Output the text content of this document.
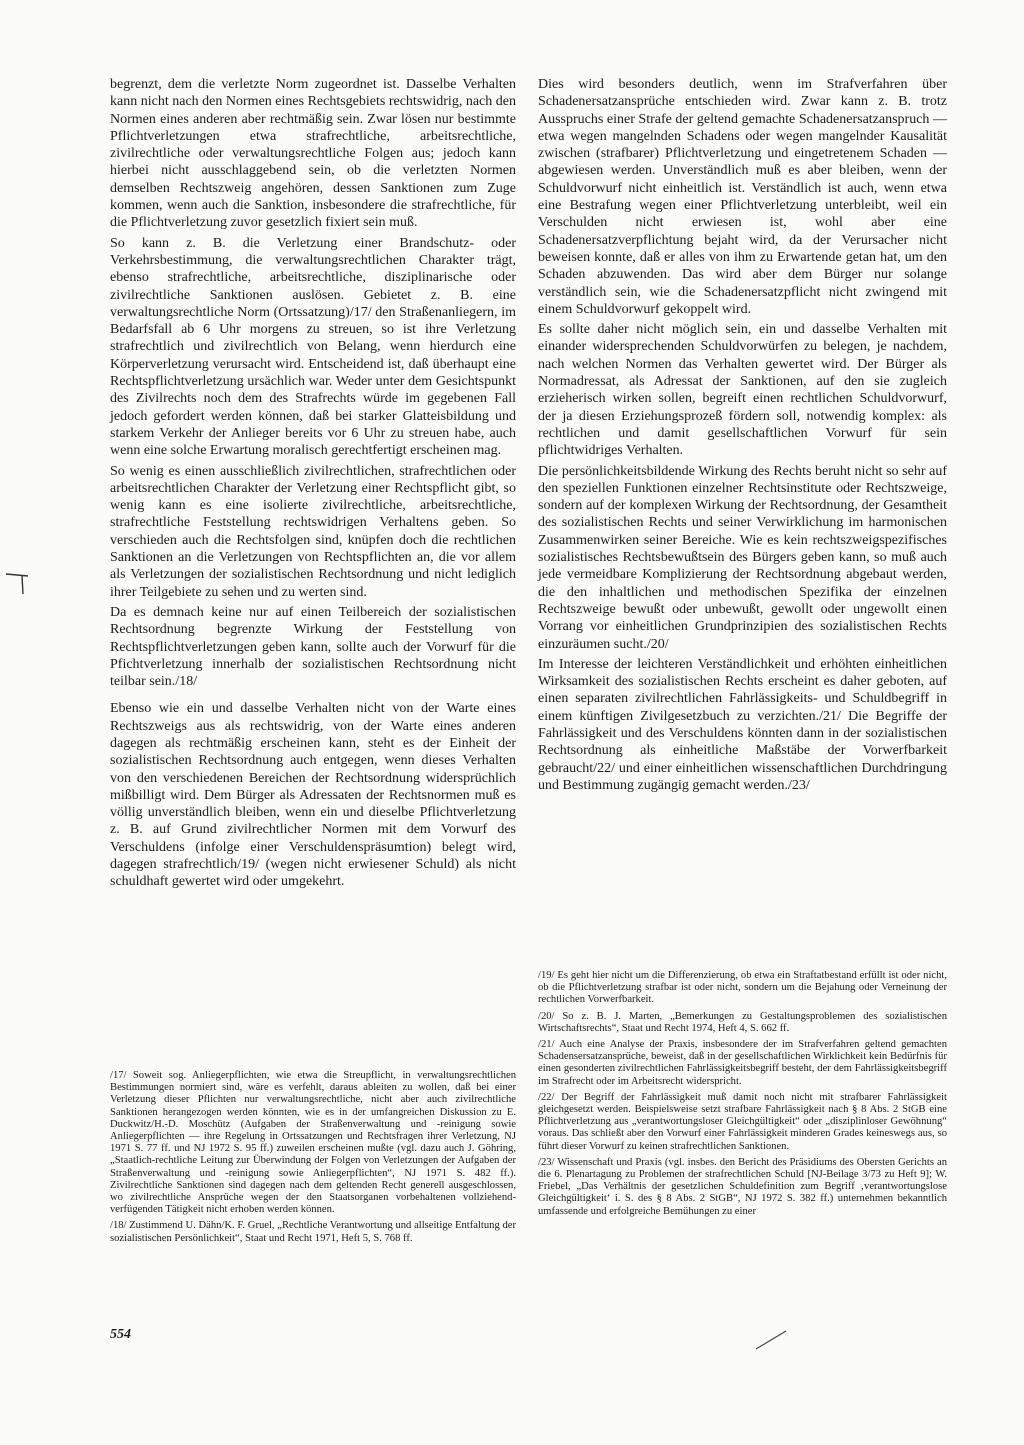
begrenzt, dem die verletzte Norm zugeordnet ist. Dasselbe Verhalten kann nicht nach den Normen eines Rechtsgebiets rechtswidrig, nach den Normen eines anderen aber rechtmäßig sein. Zwar lösen nur bestimmte Pflichtverletzungen etwa strafrechtliche, arbeitsrechtliche, zivilrechtliche oder verwaltungsrechtliche Folgen aus; jedoch kann hierbei nicht ausschlaggebend sein, ob die verletzten Normen demselben Rechtszweig angehören, dessen Sanktionen zum Zuge kommen, wenn auch die Sanktion, insbesondere die strafrechtliche, für die Pflichtverletzung zuvor gesetzlich fixiert sein muß.

So kann z. B. die Verletzung einer Brandschutz- oder Verkehrsbestimmung, die verwaltungsrechtlichen Charakter trägt, ebenso strafrechtliche, arbeitsrechtliche, disziplinarische oder zivilrechtliche Sanktionen auslösen. Gebietet z. B. eine verwaltungsrechtliche Norm (Ortssatzung)/17/ den Straßenanliegern, im Bedarfsfall ab 6 Uhr morgens zu streuen, so ist ihre Verletzung strafrechtlich und zivilrechtlich von Belang, wenn hierdurch eine Körperverletzung verursacht wird. Entscheidend ist, daß überhaupt eine Rechtspflichtverletzung ursächlich war. Weder unter dem Gesichtspunkt des Zivilrechts noch dem des Strafrechts würde im gegebenen Fall jedoch gefordert werden können, daß bei starker Glatteisbildung und starkem Verkehr der Anlieger bereits vor 6 Uhr zu streuen habe, auch wenn eine solche Erwartung moralisch gerechtfertigt erscheinen mag.

So wenig es einen ausschließlich zivilrechtlichen, strafrechtlichen oder arbeitsrechtlichen Charakter der Verletzung einer Rechtspflicht gibt, so wenig kann es eine isolierte zivilrechtliche, arbeitsrechtliche, strafrechtliche Feststellung rechtswidrigen Verhaltens geben. So verschieden auch die Rechtsfolgen sind, knüpfen doch die rechtlichen Sanktionen an die Verletzungen von Rechtspflichten an, die vor allem als Verletzungen der sozialistischen Rechtsordnung und nicht lediglich ihrer Teilgebiete zu sehen und zu werten sind.

Da es demnach keine nur auf einen Teilbereich der sozialistischen Rechtsordnung begrenzte Wirkung der Feststellung von Rechtspflichtverletzungen geben kann, sollte auch der Vorwurf für die Pfichtverletzung innerhalb der sozialistischen Rechtsordnung nicht teilbar sein./18/

Ebenso wie ein und dasselbe Verhalten nicht von der Warte eines Rechtszweigs aus als rechtswidrig, von der Warte eines anderen dagegen als rechtmäßig erscheinen kann, steht es der Einheit der sozialistischen Rechtsordnung auch entgegen, wenn dieses Verhalten von den verschiedenen Bereichen der Rechtsordnung widersprüchlich mißbilligt wird. Dem Bürger als Adressaten der Rechtsnormen muß es völlig unverständlich bleiben, wenn ein und dieselbe Pflichtverletzung z. B. auf Grund zivilrechtlicher Normen mit dem Vorwurf des Verschuldens (infolge einer Verschuldenspräsumtion) belegt wird, dagegen strafrechtlich/19/ (wegen nicht erwiesener Schuld) als nicht schuldhaft gewertet wird oder umgekehrt.

Dies wird besonders deutlich, wenn im Strafverfahren über Schadenersatzansprüche entschieden wird. Zwar kann z. B. trotz Ausspruchs einer Strafe der geltend gemachte Schadenersatzanspruch — etwa wegen mangelnden Schadens oder wegen mangelnder Kausalität zwischen (strafbarer) Pflichtverletzung und eingetretenem Schaden — abgewiesen werden. Unverständlich muß es aber bleiben, wenn der Schuldvorwurf nicht einheitlich ist. Verständlich ist auch, wenn etwa eine Bestrafung wegen einer Pflichtverletzung unterbleibt, weil ein Verschulden nicht erwiesen ist, wohl aber eine Schadenersatzverpflichtung bejaht wird, da der Verursacher nicht beweisen konnte, daß er alles von ihm zu Erwartende getan hat, um den Schaden abzuwenden. Das wird aber dem Bürger nur solange verständlich sein, wie die Schadenersatzpflicht nicht zwingend mit einem Schuldvorwurf gekoppelt wird.

Es sollte daher nicht möglich sein, ein und dasselbe Verhalten mit einander widersprechenden Schuldvorwürfen zu belegen, je nachdem, nach welchen Normen das Verhalten gewertet wird. Der Bürger als Normadressat, als Adressat der Sanktionen, auf den sie zugleich erzieherisch wirken sollen, begreift einen rechtlichen Schuldvorwurf, der ja diesen Erziehungsprozeß fördern soll, notwendig komplex: als rechtlichen und damit gesellschaftlichen Vorwurf für sein pflichtwidriges Verhalten.

Die persönlichkeitsbildende Wirkung des Rechts beruht nicht so sehr auf den speziellen Funktionen einzelner Rechtsinstitute oder Rechtszweige, sondern auf der komplexen Wirkung der Rechtsordnung, der Gesamtheit des sozialistischen Rechts und seiner Verwirklichung im harmonischen Zusammenwirken seiner Bereiche. Wie es kein rechtszweigspezifisches sozialistisches Rechtsbewußtsein des Bürgers geben kann, so muß auch jede vermeidbare Komplizierung der Rechtsordnung abgebaut werden, die den inhaltlichen und methodischen Spezifika der einzelnen Rechtszweige bewußt oder unbewußt, gewollt oder ungewollt einen Vorrang vor einheitlichen Grundprinzipien des sozialistischen Rechts einzuräumen sucht./20/

Im Interesse der leichteren Verständlichkeit und erhöhten einheitlichen Wirksamkeit des sozialistischen Rechts erscheint es daher geboten, auf einen separaten zivilrechtlichen Fahrlässigkeits- und Schuldbegriff in einem künftigen Zivilgesetzbuch zu verzichten./21/ Die Begriffe der Fahrlässigkeit und des Verschuldens könnten dann in der sozialistischen Rechtsordnung als einheitliche Maßstäbe der Vorwerfbarkeit gebraucht/22/ und einer einheitlichen wissenschaftlichen Durchdringung und Bestimmung zugängig gemacht werden./23/

/17/ Soweit sog. Anliegerpflichten, wie etwa die Streupflicht, in verwaltungsrechtlichen Bestimmungen normiert sind, wäre es verfehlt, daraus ableiten zu wollen, daß bei einer Verletzung dieser Pflichten nur verwaltungsrechtliche, nicht aber auch zivilrechtliche Sanktionen herangezogen werden könnten, wie es in der umfangreichen Diskussion zu E. Duckwitz/H.-D. Moschütz (Aufgaben der Straßenverwaltung und -reinigung sowie Anliegerpflichten — ihre Regelung in Ortssatzungen und Rechtsfragen ihrer Verletzung, NJ 1971 S. 77 ff. und NJ 1972 S. 95 ff.) zuweilen erscheinen mußte (vgl. dazu auch J. Göhring, „Staatlich-rechtliche Leitung zur Überwindung der Folgen von Verletzungen der Aufgaben der Straßenverwaltung und -reinigung sowie Anliegerpflichten“, NJ 1971 S. 482 ff.). Zivilrechtliche Sanktionen sind dagegen nach dem geltenden Recht generell ausgeschlossen, wo zivilrechtliche Ansprüche wegen der den Staatsorganen vorbehaltenen vollziehend-verfügenden Tätigkeit nicht erhoben werden können.

/18/ Zustimmend U. Dähn/K. F. Gruel, „Rechtliche Verantwortung und allseitige Entfaltung der sozialistischen Persönlichkeit“, Staat und Recht 1971, Heft 5, S. 768 ff.

/19/ Es geht hier nicht um die Differenzierung, ob etwa ein Straftatbestand erfüllt ist oder nicht, ob die Pflichtverletzung strafbar ist oder nicht, sondern um die Bejahung oder Verneinung der rechtlichen Vorwerfbarkeit.

/20/ So z. B. J. Marten, „Bemerkungen zu Gestaltungsproblemen des sozialistischen Wirtschaftsrechts“, Staat und Recht 1974, Heft 4, S. 662 ff.

/21/ Auch eine Analyse der Praxis, insbesondere der im Strafverfahren geltend gemachten Schadensersatzansprüche, beweist, daß in der gesellschaftlichen Wirklichkeit kein Bedürfnis für einen gesonderten zivilrechtlichen Fahrlässigkeitsbegriff besteht, der dem Fahrlässigkeitsbegriff im Strafrecht oder im Arbeitsrecht widerspricht.

/22/ Der Begriff der Fahrlässigkeit muß damit noch nicht mit strafbarer Fahrlässigkeit gleichgesetzt werden. Beispielsweise setzt strafbare Fahrlässigkeit nach § 8 Abs. 2 StGB eine Pflichtverletzung aus „verantwortungsloser Gleichgültigkeit“ oder „disziplinloser Gewöhnung“ voraus. Das schließt aber den Vorwurf einer Fahrlässigkeit minderen Grades keineswegs aus, so führt dieser Vorwurf zu keinen strafrechtlichen Sanktionen.

/23/ Wissenschaft und Praxis (vgl. insbes. den Bericht des Präsidiums des Obersten Gerichts an die 6. Plenartagung zu Problemen der strafrechtlichen Schuld [NJ-Beilage 3/73 zu Heft 9]; W. Friebel, „Das Verhältnis der gesetzlichen Schuldefinition zum Begriff ‚verantwortungslose Gleichgültigkeit‘ i. S. des § 8 Abs. 2 StGB“, NJ 1972 S. 382 ff.) unternehmen bekanntlich umfassende und erfolgreiche Bemühungen zu einer

554
